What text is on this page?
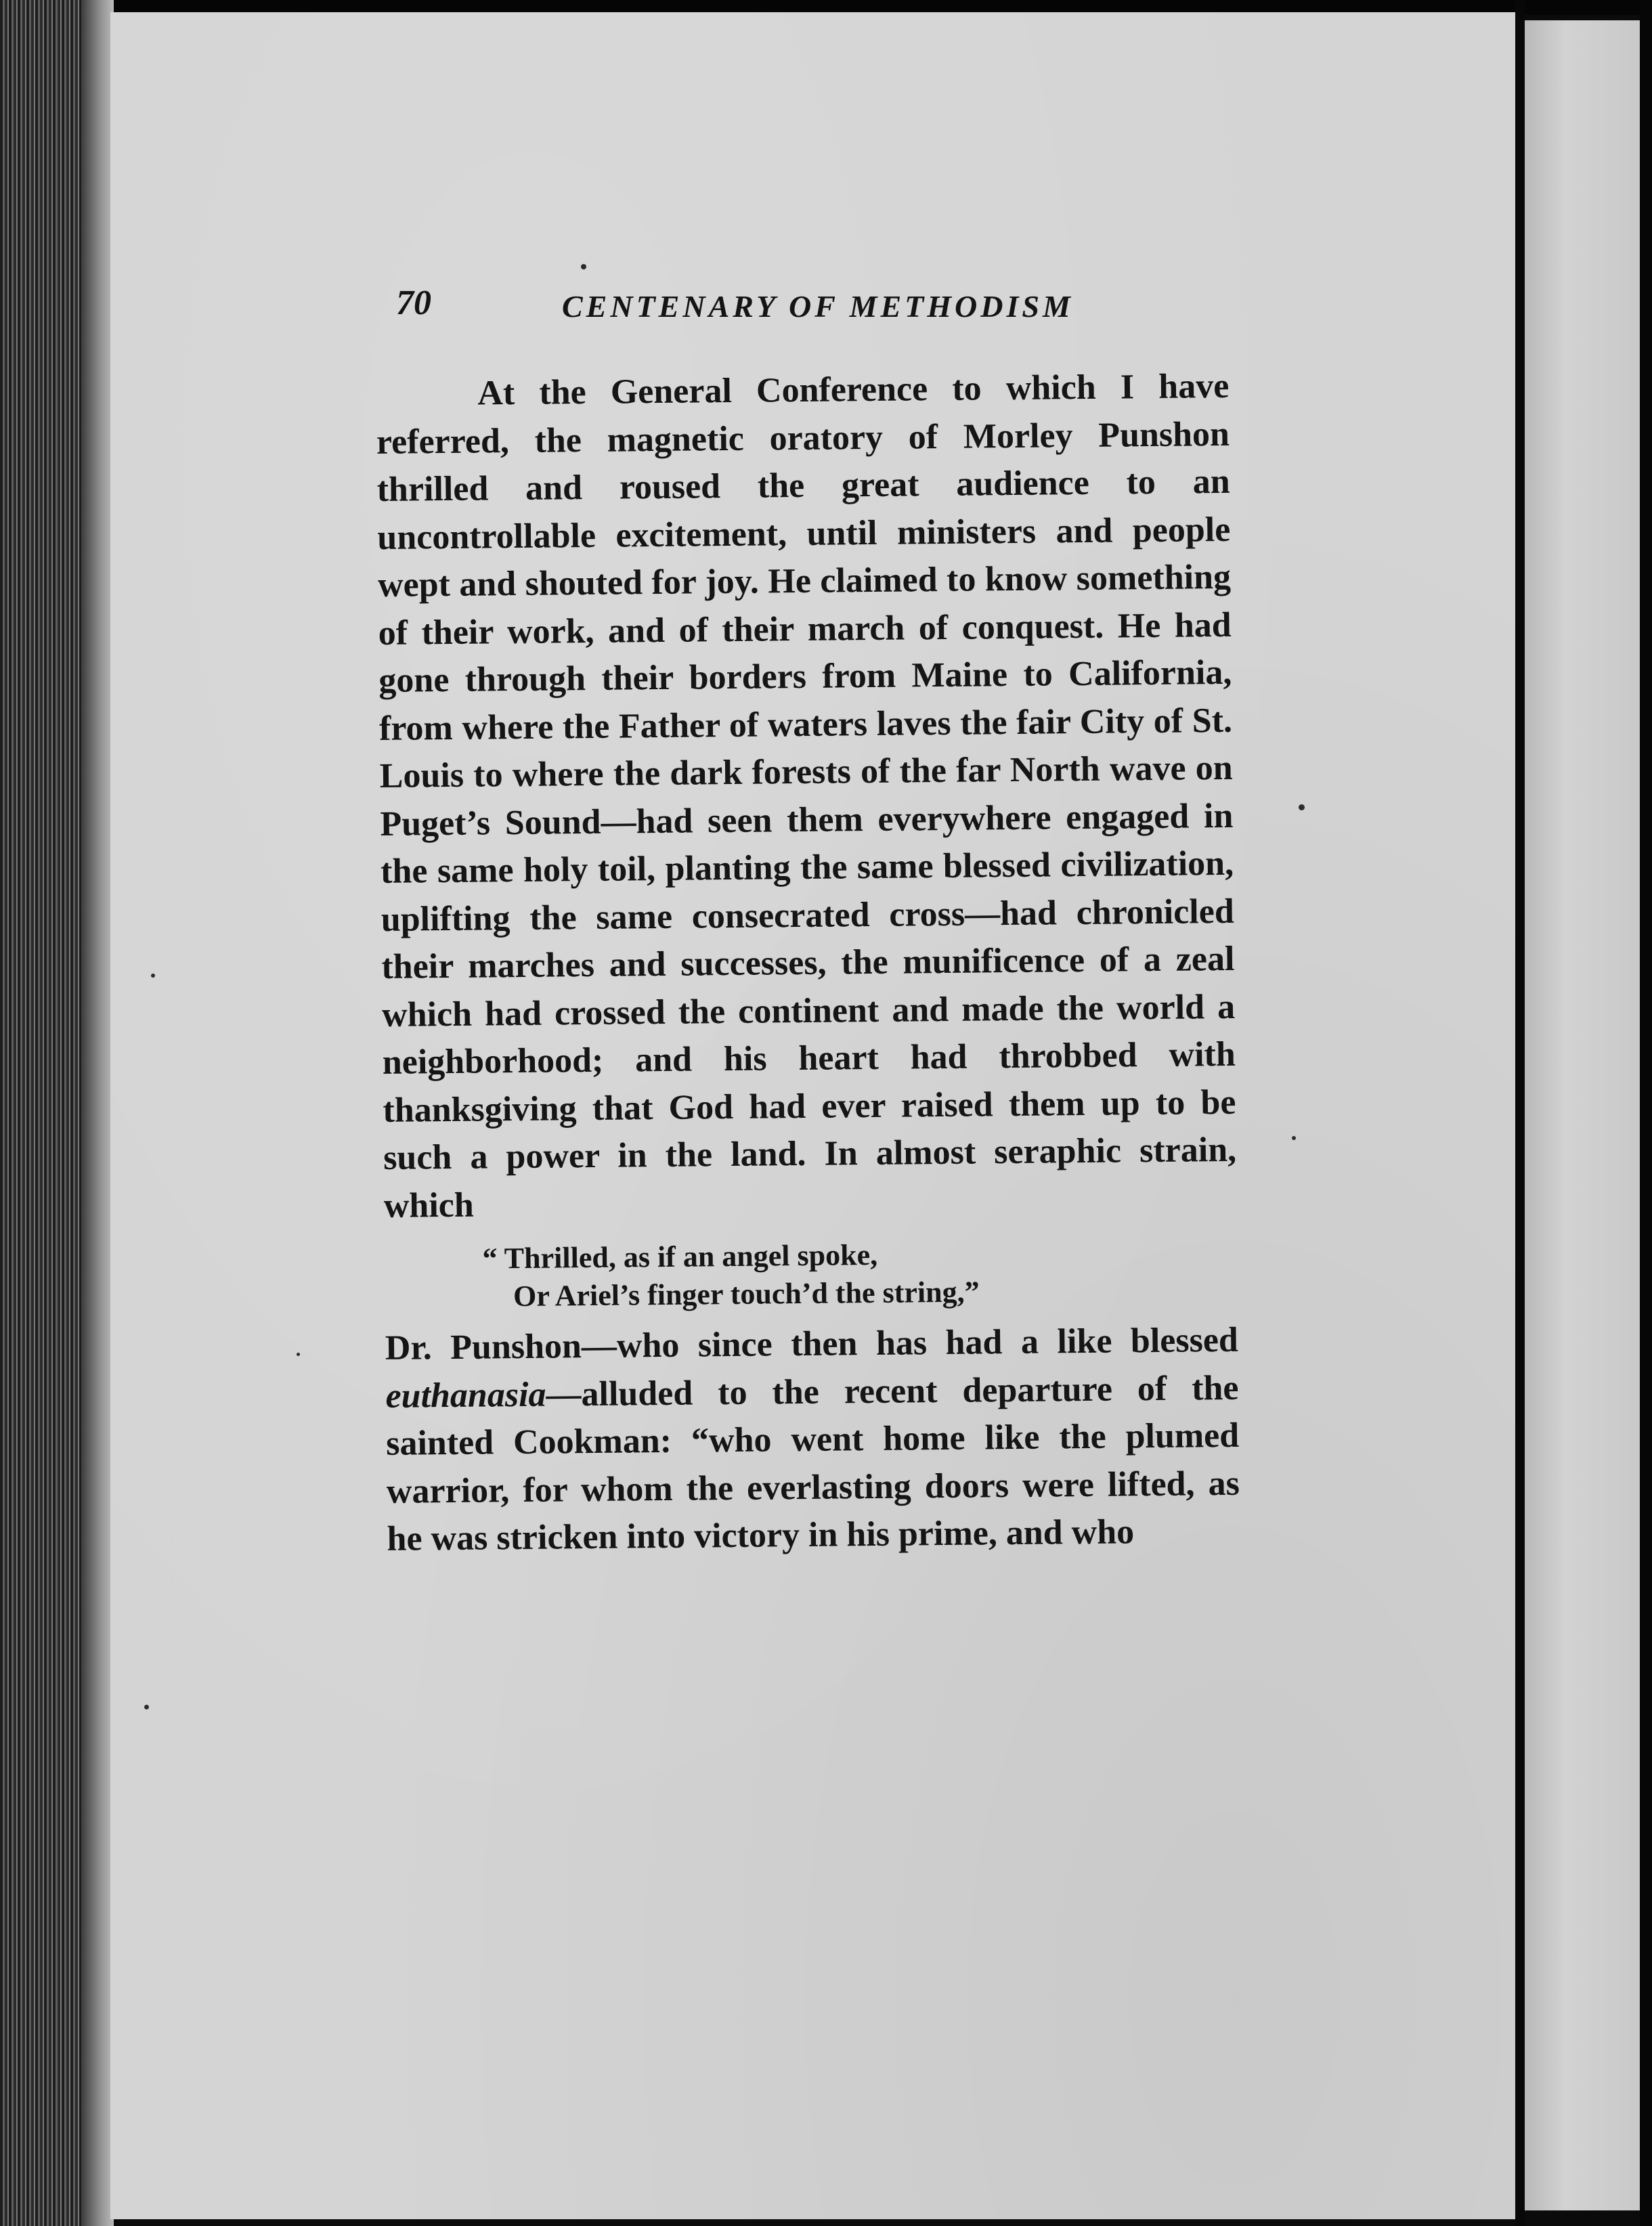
70	CENTENARY OF METHODISM

At the General Conference to which I have referred, the magnetic oratory of Morley Punshon thrilled and roused the great audience to an uncontrollable excitement, until ministers and people wept and shouted for joy. He claimed to know something of their work, and of their march of conquest. He had gone through their borders from Maine to California, from where the Father of waters laves the fair City of St. Louis to where the dark forests of the far North wave on Puget’s Sound—had seen them everywhere engaged in the same holy toil, planting the same blessed civilization, uplifting the same consecrated cross—had chronicled their marches and successes, the munificence of a zeal which had crossed the continent and made the world a neighborhood; and his heart had throbbed with thanksgiving that God had ever raised them up to be such a power in the land. In almost seraphic strain, which

“ Thrilled, as if an angel spoke,
Or Ariel’s finger touch’d the string,”

Dr. Punshon—who since then has had a like blessed euthanasia—alluded to the recent departure of the sainted Cookman: “who went home like the plumed warrior, for whom the everlasting doors were lifted, as he was stricken into victory in his prime, and who
